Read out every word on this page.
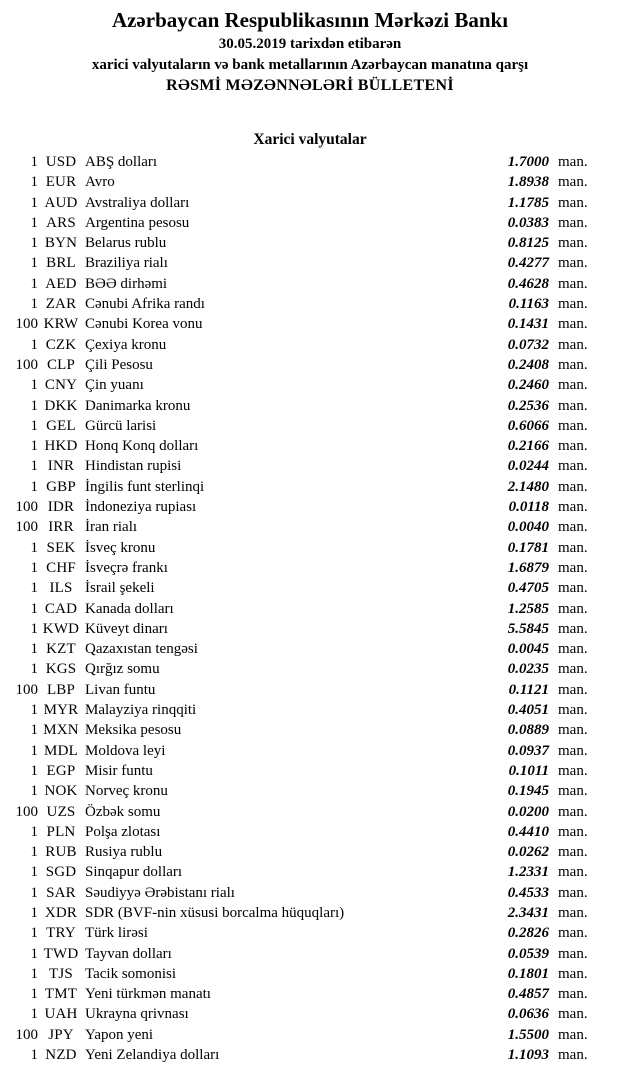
Azərbaycan Respublikasının Mərkəzi Bankı
30.05.2019 tarixdən etibarən
xarici valyutaların və bank metallarının Azərbaycan manatına qarşı
RƏSMİ MƏZƏNNƏLƏRİ BÜLLETENİ
Xarici valyutalar
1 USD ABŞ dolları	1.7000 man.
1 EUR Avro	1.8938 man.
1 AUD Avstraliya dolları	1.1785 man.
1 ARS Argentina pesosu	0.0383 man.
1 BYN Belarus rublu	0.8125 man.
1 BRL Braziliya rialı	0.4277 man.
1 AED BƏƏ dirhəmi	0.4628 man.
1 ZAR Cənubi Afrika randı	0.1163 man.
100 KRW Cənubi Korea vonu	0.1431 man.
1 CZK Çexiya kronu	0.0732 man.
100 CLP Çili Pesosu	0.2408 man.
1 CNY Çin yuanı	0.2460 man.
1 DKK Danimarka kronu	0.2536 man.
1 GEL Gürcü larisi	0.6066 man.
1 HKD Honq Konq dolları	0.2166 man.
1 INR Hindistan rupisi	0.0244 man.
1 GBP İngilis funt sterlinqi	2.1480 man.
100 IDR İndoneziya rupiası	0.0118 man.
100 IRR İran rialı	0.0040 man.
1 SEK İsveç kronu	0.1781 man.
1 CHF İsveçrə frankı	1.6879 man.
1 ILS İsrail şekeli	0.4705 man.
1 CAD Kanada dolları	1.2585 man.
1 KWD Küveyt dinarı	5.5845 man.
1 KZT Qazaxıstan tengəsi	0.0045 man.
1 KGS Qırğız somu	0.0235 man.
100 LBP Livan funtu	0.1121 man.
1 MYR Malayziya rinqqiti	0.4051 man.
1 MXN Meksika pesosu	0.0889 man.
1 MDL Moldova leyi	0.0937 man.
1 EGP Misir funtu	0.1011 man.
1 NOK Norveç kronu	0.1945 man.
100 UZS Özbək somu	0.0200 man.
1 PLN Polşa zlotası	0.4410 man.
1 RUB Rusiya rublu	0.0262 man.
1 SGD Sinqapur dolları	1.2331 man.
1 SAR Səudiyyə Ərəbistanı rialı	0.4533 man.
1 XDR SDR (BVF-nin xüsusi borcalma hüquqları)	2.3431 man.
1 TRY Türk lirəsi	0.2826 man.
1 TWD Tayvan dolları	0.0539 man.
1 TJS Tacik somonisi	0.1801 man.
1 TMT Yeni türkmən manatı	0.4857 man.
1 UAH Ukrayna qrivnası	0.0636 man.
100 JPY Yapon yeni	1.5500 man.
1 NZD Yeni Zelandiya dolları	1.1093 man.
